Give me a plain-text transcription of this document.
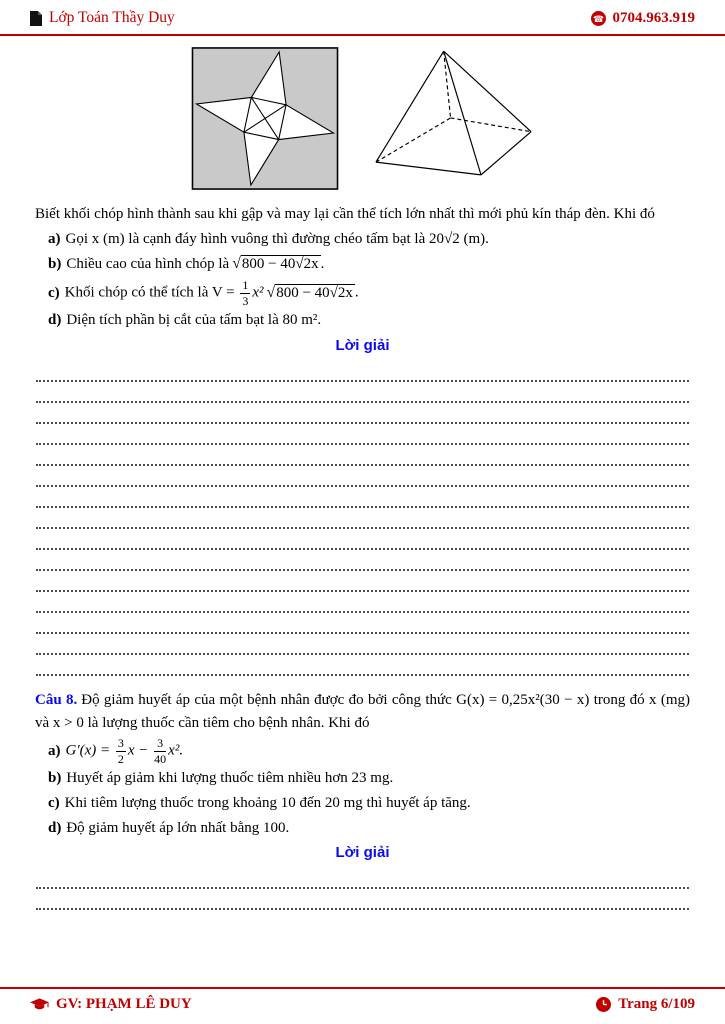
Lớp Toán Thầy Duy	☎ 0704.963.919

Biết khối chóp hình thành sau khi gập và may lại cần thể tích lớn nhất thì mới phủ kín tháp đèn. Khi đó

a) Gọi x (m) là cạnh đáy hình vuông thì đường chéo tấm bạt là 20√2 (m).
b) Chiều cao của hình chóp là √800 − 40√2x .
c) Khối chóp có thể tích là $V = \frac{1}{3} x^2$ √800 − 40√2x .
d) Diện tích phần bị cắt của tấm bạt là 80 m².
Lời giải

Câu 8. Độ giảm huyết áp của một bệnh nhân được đo bởi công thức G(x) = 0,25x²(30 − x) trong đó x (mg) và x > 0 là lượng thuốc cần tiêm cho bệnh nhân. Khi đó

a) $G'(x) = \frac{3}{2}$ $x - \frac{3}{40} x^2$.
b) Huyết áp giảm khi lượng thuốc tiêm nhiều hơn 23 mg.
c) Khi tiêm lượng thuốc trong khoảng 10 đến 20 mg thì huyết áp tăng.
d) Độ giảm huyết áp lớn nhất bằng 100.
Lời giải
GV: PHẠM LÊ DUY	Trang 6/109
